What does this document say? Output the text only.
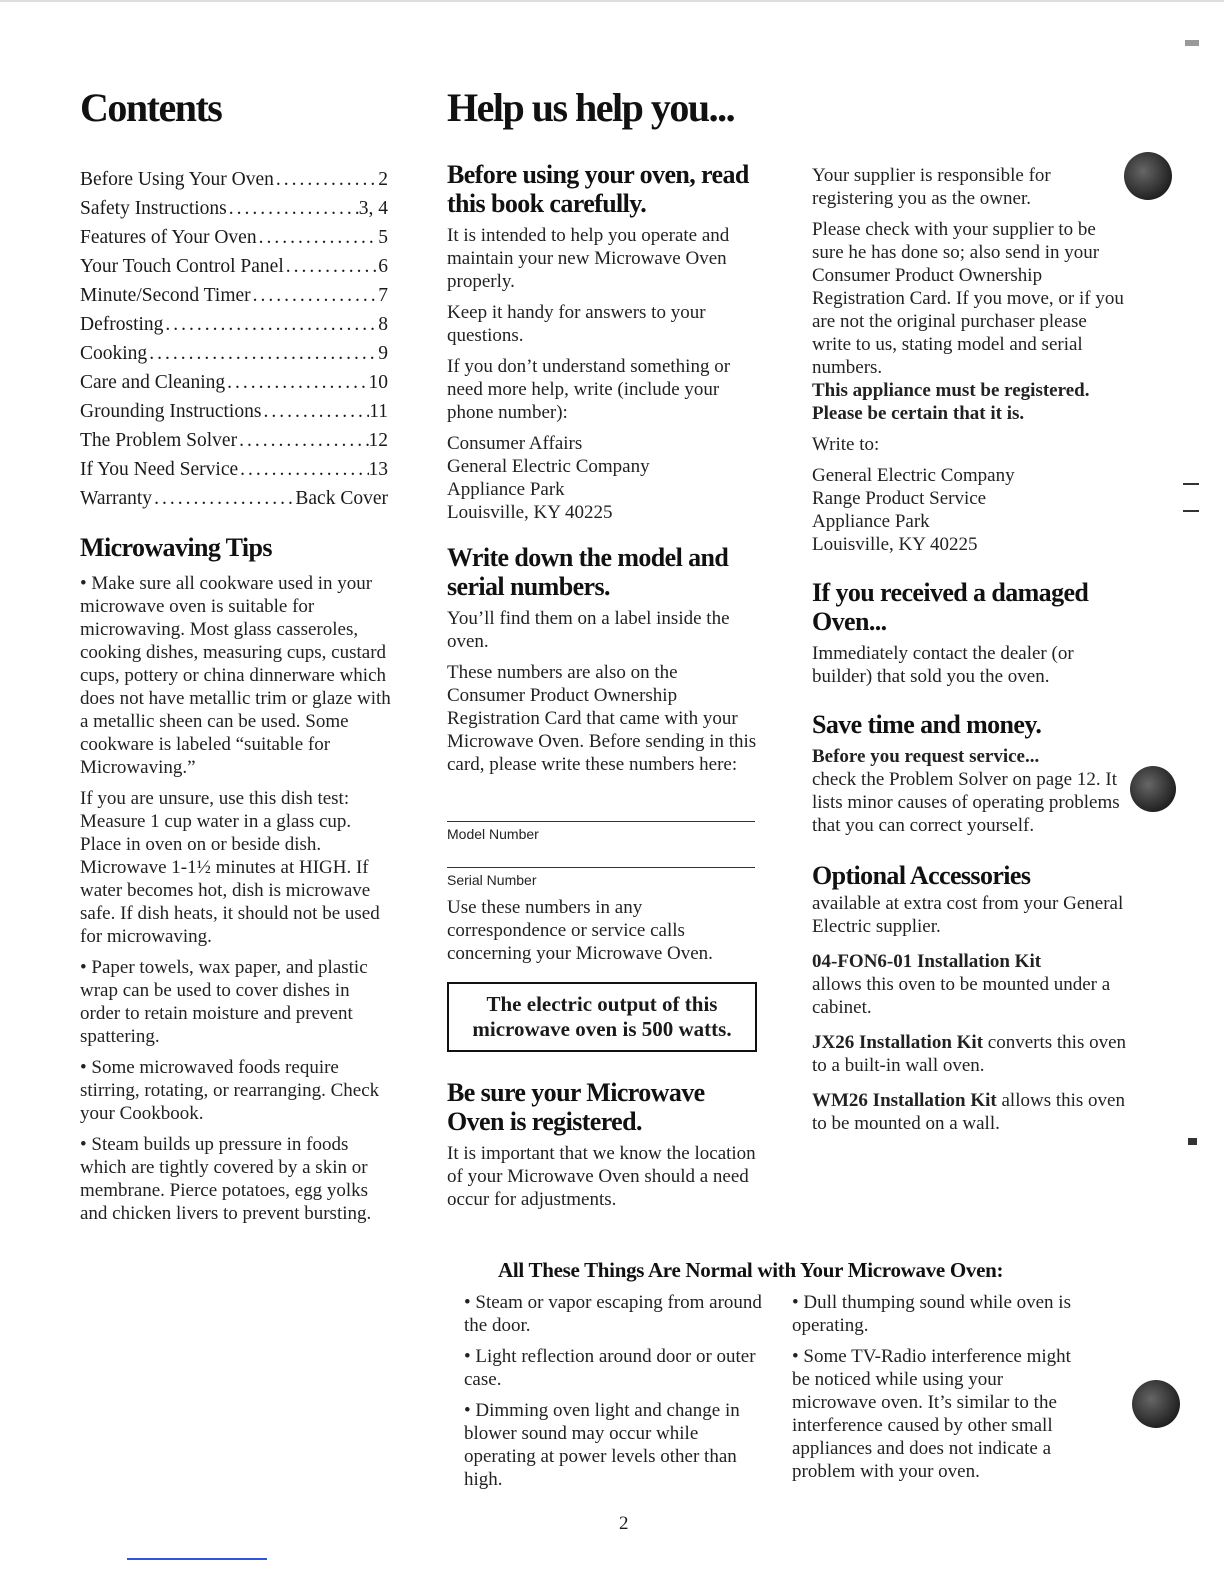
Contents
Before Using Your Oven .....	2
Safety Instructions .....	3, 4
Features of Your Oven .....	5
Your Touch Control Panel .....	6
Minute/Second Timer .....	7
Defrosting .....	8
Cooking .....	9
Care and Cleaning .....	10
Grounding Instructions .....	11
The Problem Solver .....	12
If You Need Service .....	13
Warranty .....	Back Cover
Microwaving Tips

• Make sure all cookware used in your microwave oven is suitable for microwaving. Most glass casseroles, cooking dishes, measuring cups, custard cups, pottery or china dinnerware which does not have metallic trim or glaze with a metallic sheen can be used. Some cookware is labeled “suitable for Microwaving.”

If you are unsure, use this dish test: Measure 1 cup water in a glass cup. Place in oven on or beside dish. Microwave 1-1½ minutes at HIGH. If water becomes hot, dish is microwave safe. If dish heats, it should not be used for microwaving.

• Paper towels, wax paper, and plastic wrap can be used to cover dishes in order to retain moisture and prevent spattering.

• Some microwaved foods require stirring, rotating, or rearranging. Check your Cookbook.

• Steam builds up pressure in foods which are tightly covered by a skin or membrane. Pierce potatoes, egg yolks and chicken livers to prevent bursting.

Help us help you...
Before using your oven, read this book carefully.

It is intended to help you operate and maintain your new Microwave Oven properly.

Keep it handy for answers to your questions.

If you don’t understand something or need more help, write (include your phone number):

Consumer Affairs
General Electric Company
Appliance Park
Louisville, KY 40225
Write down the model and serial numbers.

You’ll find them on a label inside the oven.

These numbers are also on the Consumer Product Ownership Registration Card that came with your Microwave Oven. Before sending in this card, please write these numbers here:

Model Number
Serial Number

Use these numbers in any correspondence or service calls concerning your Microwave Oven.

The electric output of this microwave oven is 500 watts.
Be sure your Microwave Oven is registered.

It is important that we know the location of your Microwave Oven should a need occur for adjustments.

Your supplier is responsible for registering you as the owner.

Please check with your supplier to be sure he has done so; also send in your Consumer Product Ownership Registration Card. If you move, or if you are not the original purchaser please write to us, stating model and serial numbers.

This appliance must be registered. Please be certain that it is.

Write to:

General Electric Company
Range Product Service
Appliance Park
Louisville, KY 40225
If you received a damaged Oven...

Immediately contact the dealer (or builder) that sold you the oven.

Save time and money.
Before you request service...

check the Problem Solver on page 12. It lists minor causes of operating problems that you can correct yourself.

Optional Accessories

available at extra cost from your General Electric supplier.

04-FON6-01 Installation Kit
allows this oven to be mounted under a cabinet.

JX26 Installation Kit converts this oven to a built-in wall oven.

WM26 Installation Kit allows this oven to be mounted on a wall.

All These Things Are Normal with Your Microwave Oven:

• Steam or vapor escaping from around the door.

• Light reflection around door or outer case.

• Dimming oven light and change in blower sound may occur while operating at power levels other than high.

• Dull thumping sound while oven is operating.

• Some TV-Radio interference might be noticed while using your microwave oven. It’s similar to the interference caused by other small appliances and does not indicate a problem with your oven.

2
